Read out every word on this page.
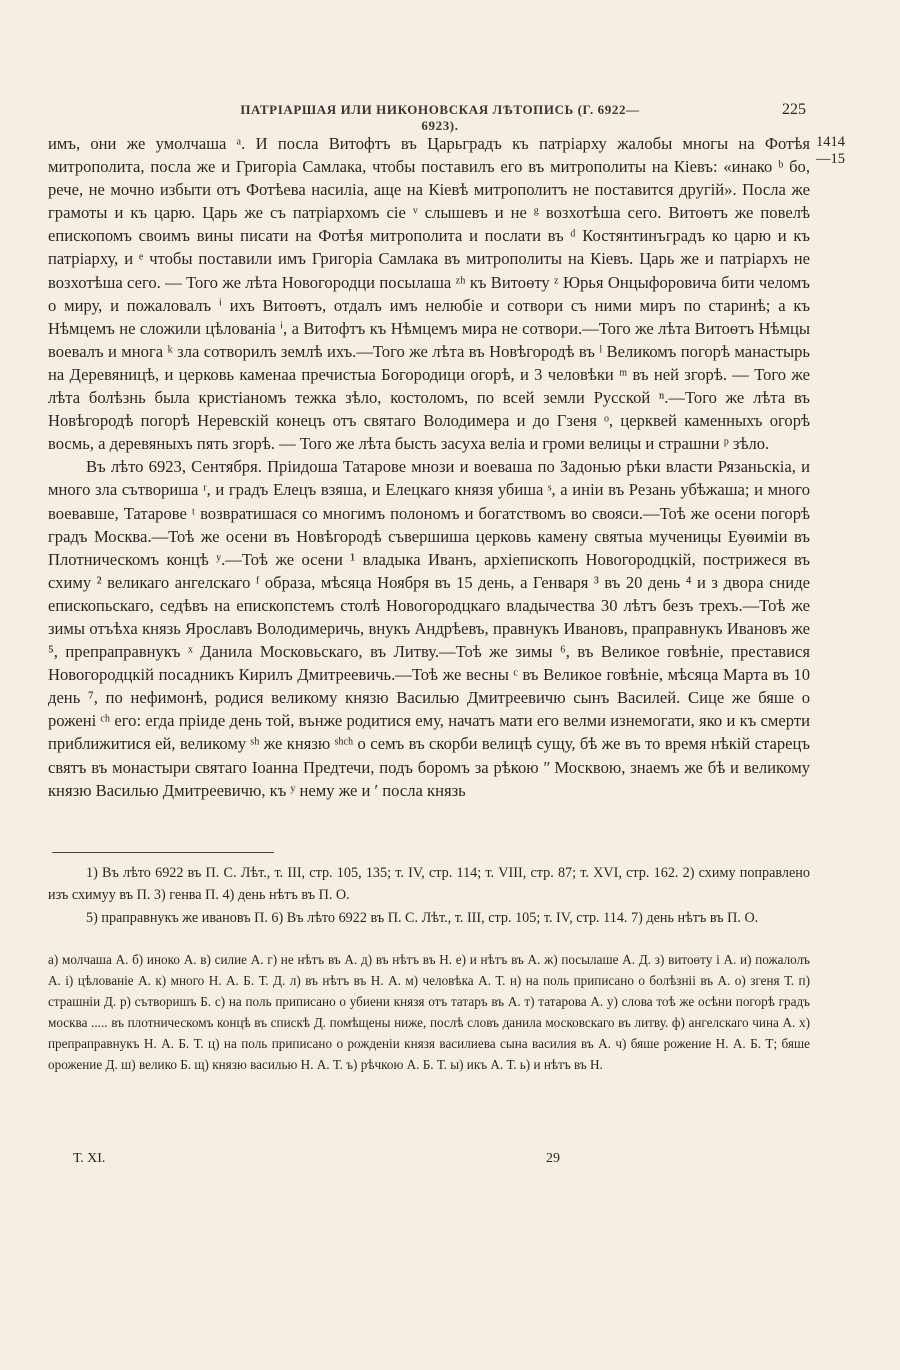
ПАТРІАРШАЯ ИЛИ НИКОНОВСКАЯ ЛѢТОПИСЬ (Г. 6922—6923).
225
1414
—15

имъ, они же умолчаша ᵃ. И посла Витофтъ въ Царьградъ къ патріарху жалобы многы на Фотѣя митрополита, посла же и Григоріа Самлака, чтобы поставилъ его въ митрополиты на Кіевъ: «инако ᵇ бо, рече, не мочно избыти отъ Фотѣева насиліа, аще на Кіевѣ митрополитъ не поставится другій». Посла же грамоты и къ царю. Царь же съ патріархомъ сіе ᵛ слышевъ и не ᵍ возхотѣша сего. Витоѳтъ же повелѣ епископомъ своимъ вины писати на Фотѣя митрополита и послати въ ᵈ Костянтинъградъ ко царю и къ патріарху, и ᵉ чтобы поставили имъ Григоріа Самлака въ митрополиты на Кіевъ. Царь же и патріархъ не возхотѣша сего. — Того же лѣта Новогородци посылаша ᶻʰ къ Витоѳту ᶻ Юрья Онцыфоровича бити челомъ о миру, и пожаловалъ ⁱ ихъ Витоѳтъ, отдалъ имъ нелюбіе и сотвори съ ними миръ по старинѣ; а къ Нѣмцемъ не сложили цѣлованіа ⁱ, а Витофтъ къ Нѣмцемъ мира не сотвори.—Того же лѣта Витоѳтъ Нѣмцы воевалъ и многа ᵏ зла сотворилъ землѣ ихъ.—Того же лѣта въ Новѣгородѣ въ ˡ Великомъ погорѣ манастырь на Деревяницѣ, и церковь каменаа пречистыа Богородици огорѣ, и 3 человѣки ᵐ въ ней згорѣ. — Того же лѣта болѣзнь была кристіаномъ тежка зѣло, костоломъ, по всей земли Русской ⁿ.—Того же лѣта въ Новѣгородѣ погорѣ Неревскій конецъ отъ святаго Володимера и до Гзеня ᵒ, церквей каменныхъ огорѣ восмь, а деревяныхъ пять згорѣ. — Того же лѣта бысть засуха веліа и громи велицы и страшни ᵖ зѣло.

Въ лѣто 6923, Сентября. Пріидоша Татарове мнози и воеваша по Задонью рѣки власти Рязаньскіа, и много зла сътвориша ʳ, и градъ Елецъ взяша, и Елецкаго князя убиша ˢ, а иніи въ Резань убѣжаша; и много воевавше, Татарове ᵗ возвратишася со многимъ полономъ и богатствомъ во свояси.—Тоѣ же осени погорѣ градъ Москва.—Тоѣ же осени въ Новѣгородѣ съвершиша церковь камену святыа мученицы Еуѳиміи въ Плотническомъ концѣ ʸ.—Тоѣ же осени ¹ владыка Иванъ, архіепископъ Новогородцкій, пострижеся въ схиму ² великаго ангелскаго ᶠ образа, мѣсяца Ноября въ 15 день, а Генваря ³ въ 20 день ⁴ и з двора сниде епископьскаго, седѣвъ на епископстемъ столѣ Новогородцкаго владычества 30 лѣтъ безъ трехъ.—Тоѣ же зимы отъѣха князь Ярославъ Володимеричь, внукъ Андрѣевъ, правнукъ Ивановъ, праправнукъ Ивановъ же ⁵, препраправнукъ ˣ Данила Московьскаго, въ Литву.—Тоѣ же зимы ⁶, въ Великое говѣніе, преставися Новогородцкій посадникъ Кирилъ Дмитреевичь.—Тоѣ же весны ᶜ въ Великое говѣніе, мѣсяца Марта въ 10 день ⁷, по нефимонѣ, родися великому князю Василью Дмитреевичю сынъ Василей. Сице же бяше о рожені ᶜʰ его: егда пріиде день той, вънже родитися ему, начатъ мати его велми изнемогати, яко и къ смерти приближитися ей, великому ˢʰ же князю ˢʰᶜʰ о семъ въ скорби велицѣ сущу, бѣ же въ то время нѣкій старецъ святъ въ монастыри святаго Іоанна Предтечи, подъ боромъ за рѣкою ʺ Москвою, знаемъ же бѣ и великому князю Василью Дмитреевичю, къ ʸ нему же и ʹ посла князь

1) Въ лѣто 6922 въ П. С. Лѣт., т. III, стр. 105, 135; т. IV, стр. 114; т. VIII, стр. 87; т. XVI, стр. 162. 2) схиму поправлено изъ схимуу въ П. 3) генва П. 4) день нѣтъ въ П. О.

5) праправнукъ же ивановъ П. 6) Въ лѣто 6922 въ П. С. Лѣт., т. III, стр. 105; т. IV, стр. 114. 7) день нѣтъ въ П. О.

а) молчаша А. б) иноко А. в) силие А. г) не нѣтъ въ А. д) въ нѣтъ въ Н. е) и нѣтъ въ А. ж) посылаше А. Д. з) витоѳту і А. и) пожалолъ А. і) цѣлованіе А. к) много Н. А. Б. Т. Д. л) въ нѣтъ въ Н. А. м) человѣка А. Т. н) на поль приписано о болѣзніі въ А. о) згеня Т. п) страшніи Д. р) сътворишъ Б. с) на поль приписано о убиени князя отъ татаръ въ А. т) татарова А. у) слова тоѣ же осѣни погорѣ градъ москва ..... въ плотническомъ концѣ въ спискѣ Д. помѣщены ниже, послѣ словъ данила московскаго въ литву. ф) ангелскаго чина А. х) препраправнукъ Н. А. Б. Т. ц) на поль приписано о рожденіи князя василиева сына василия въ А. ч) бяше рожение Н. А. Б. Т; бяше орожение Д. ш) велико Б. щ) князю василью Н. А. Т. ъ) рѣчкою А. Б. Т. ы) икъ А. Т. ь) и нѣтъ въ Н.

Т. XI.	29
